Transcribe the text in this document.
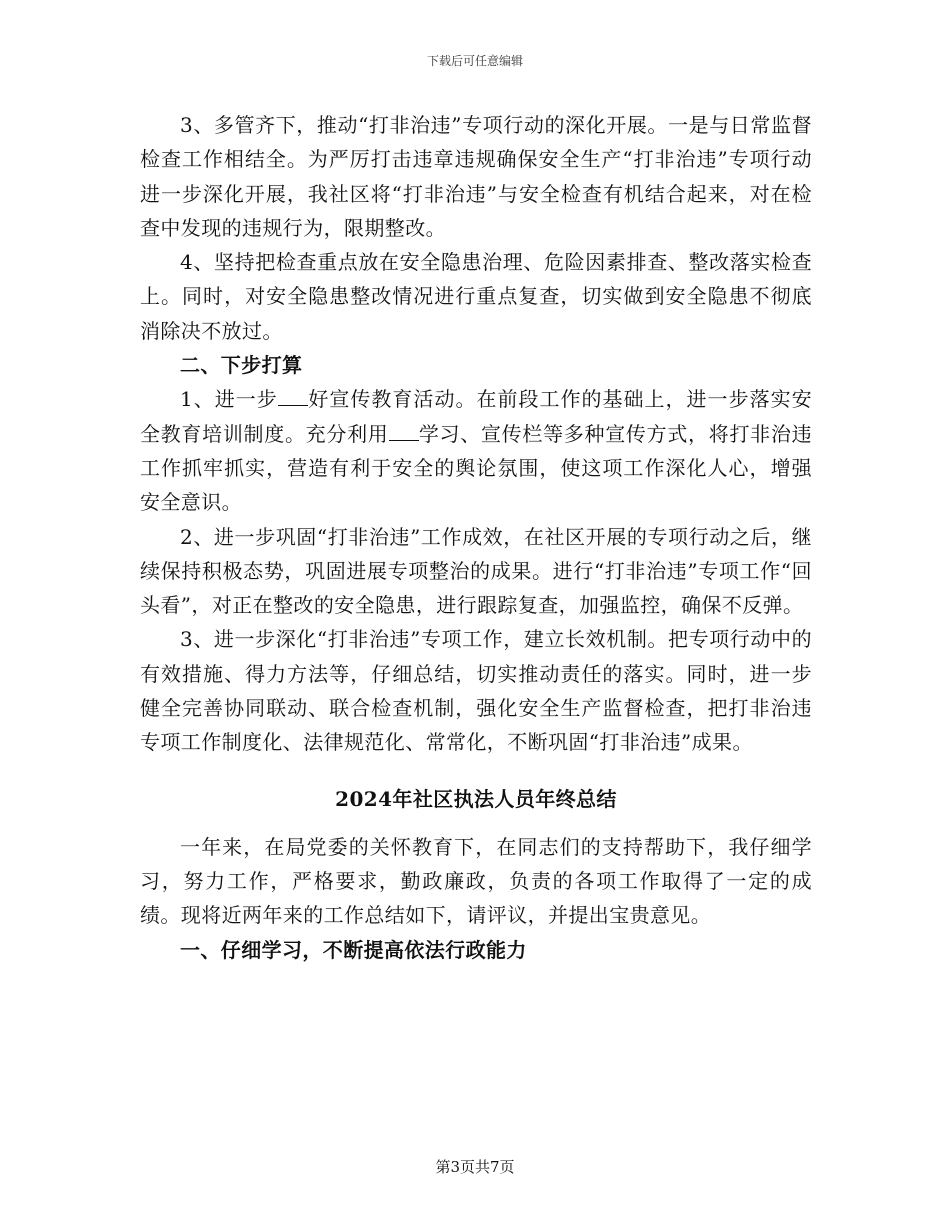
下载后可任意编辑

3、多管齐下，推动“打非治违”专项行动的深化开展。一是与日常监督检查工作相结全。为严厉打击违章违规确保安全生产“打非治违”专项行动进一步深化开展，我社区将“打非治违”与安全检查有机结合起来，对在检查中发现的违规行为，限期整改。

4、坚持把检查重点放在安全隐患治理、危险因素排查、整改落实检查上。同时，对安全隐患整改情况进行重点复查，切实做到安全隐患不彻底消除决不放过。

二、下步打算

1、进一步 好宣传教育活动。在前段工作的基础上，进一步落实安全教育培训制度。充分利用 学习、宣传栏等多种宣传方式，将打非治违工作抓牢抓实，营造有利于安全的舆论氛围，使这项工作深化人心，增强安全意识。

2、进一步巩固“打非治违”工作成效，在社区开展的专项行动之后，继续保持积极态势，巩固进展专项整治的成果。进行“打非治违”专项工作“回头看”，对正在整改的安全隐患，进行跟踪复查，加强监控，确保不反弹。

3、进一步深化“打非治违”专项工作，建立长效机制。把专项行动中的有效措施、得力方法等，仔细总结，切实推动责任的落实。同时，进一步健全完善协同联动、联合检查机制，强化安全生产监督检查，把打非治违专项工作制度化、法律规范化、常常化，不断巩固“打非治违”成果。

2024年社区执法人员年终总结

一年来，在局党委的关怀教育下，在同志们的支持帮助下，我仔细学习，努力工作，严格要求，勤政廉政，负责的各项工作取得了一定的成绩。现将近两年来的工作总结如下，请评议，并提出宝贵意见。

一、仔细学习，不断提高依法行政能力

第3页共7页
